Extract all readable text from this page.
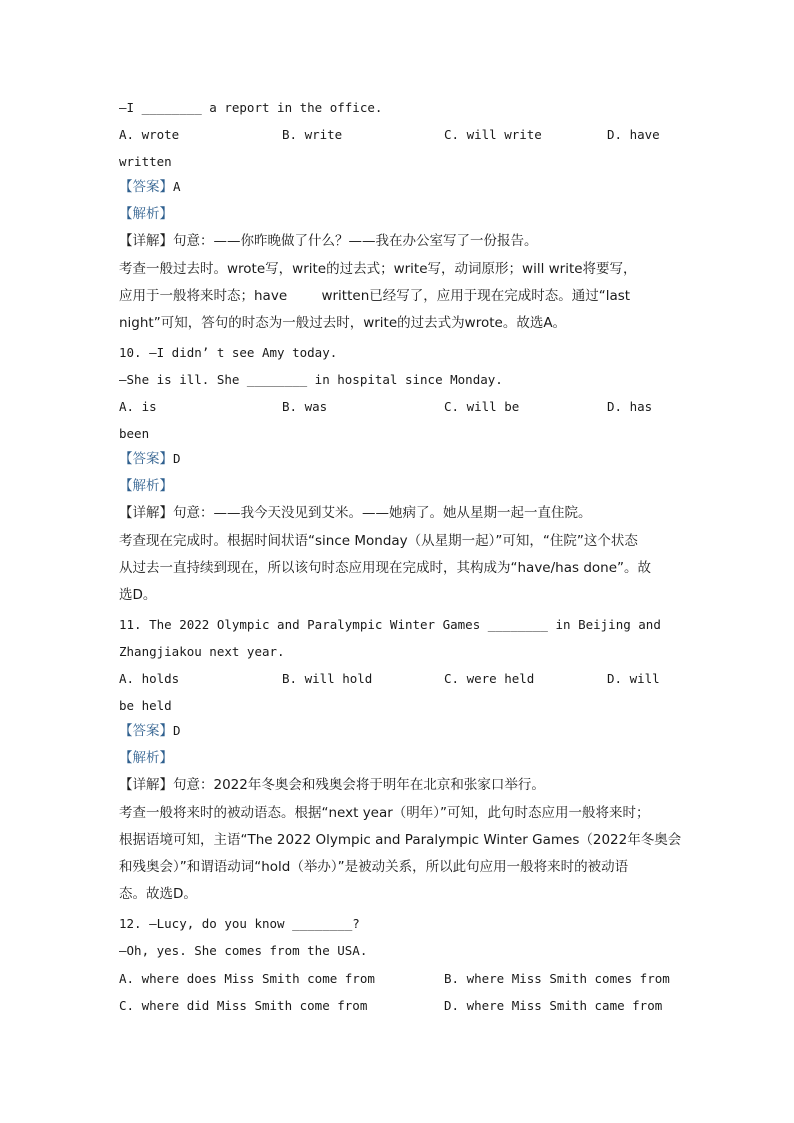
—I ________ a report in the office.
A. wrote	B. write	C. will write	D. have
written
【答案】A
【解析】
【详解】句意：——你昨晚做了什么？——我在办公室写了一份报告。
考查一般过去时。wrote写，write的过去式；write写，动词原形；will write将要写，
应用于一般将来时态；have        written已经写了，应用于现在完成时态。通过“last
night”可知，答句的时态为一般过去时，write的过去式为wrote。故选A。
10. —I didn’ t see Amy today.
—She is ill. She ________ in hospital since Monday.
A. is	B. was	C. will be	D. has
been
【答案】D
【解析】
【详解】句意：——我今天没见到艾米。——她病了。她从星期一起一直住院。
考查现在完成时。根据时间状语“since Monday（从星期一起）”可知，“住院”这个状态
从过去一直持续到现在，所以该句时态应用现在完成时，其构成为“have/has done”。故
选D。
11. The 2022 Olympic and Paralympic Winter Games ________ in Beijing and
Zhangjiakou next year.
A. holds	B. will hold	C. were held	D. will
be held
【答案】D
【解析】
【详解】句意：2022年冬奥会和残奥会将于明年在北京和张家口举行。
考查一般将来时的被动语态。根据“next year（明年）”可知，此句时态应用一般将来时；
根据语境可知，主语“The 2022 Olympic and Paralympic Winter Games（2022年冬奥会
和残奥会）”和谓语动词“hold（举办）”是被动关系，所以此句应用一般将来时的被动语
态。故选D。
12. —Lucy, do you know ________?
—Oh, yes. She comes from the USA.
A. where does Miss Smith come from	B. where Miss Smith comes from
C. where did Miss Smith come from	D. where Miss Smith came from
